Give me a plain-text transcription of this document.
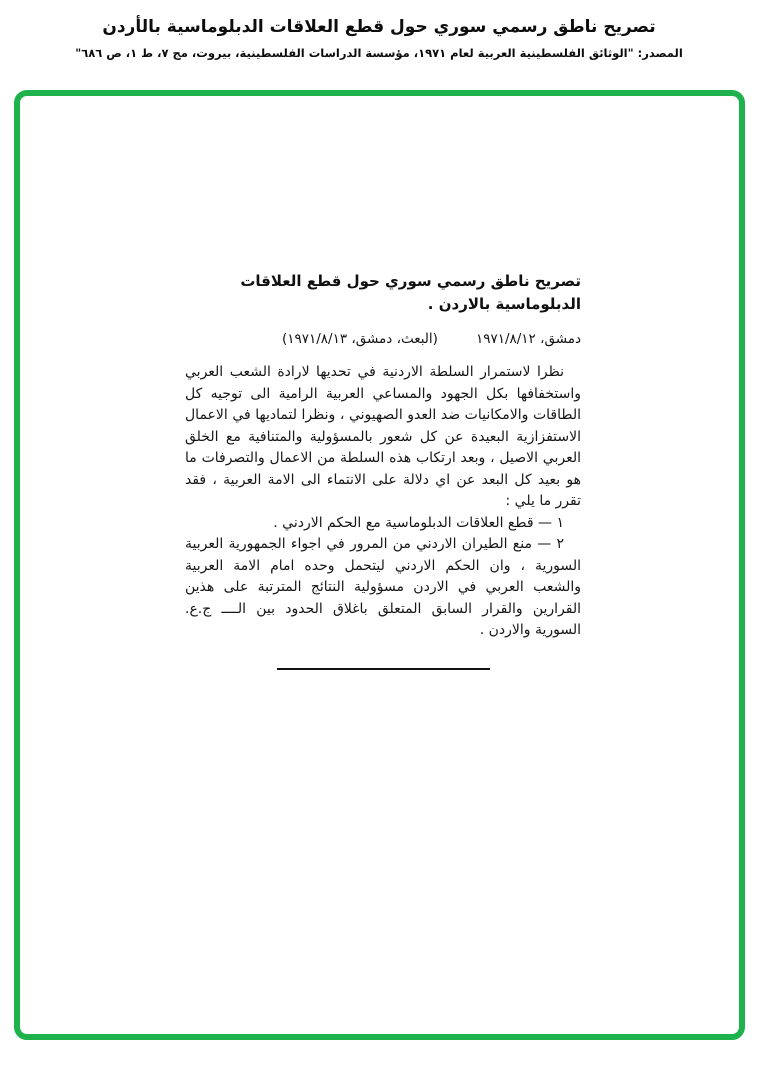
تصريح ناطق رسمي سوري حول قطع العلاقات الدبلوماسية بالأردن
المصدر: "الوثائق الفلسطينية العربية لعام ١٩٧١، مؤسسة الدراسات الفلسطينية، بيروت، مج ٧، ط ١، ص ٦٨٦"
تصريح ناطق رسمي سوري حول قطع العلاقات الدبلوماسية بالاردن .
دمشق، ١٩٧١/٨/١٢
(البعث، دمشق، ١٩٧١/٨/١٣)

نظرا لاستمرار السلطة الاردنية في تحديها لارادة الشعب العربي واستخفافها بكل الجهود والمساعي العربية الرامية الى توجيه كل الطاقات والامكانيات ضد العدو الصهيوني ، ونظرا لتماديها في الاعمال الاستفزازية البعيدة عن كل شعور بالمسؤولية والمتنافية مع الخلق العربي الاصيل ، وبعد ارتكاب هذه السلطة من الاعمال والتصرفات ما هو بعيد كل البعد عن اي دلالة على الانتماء الى الامة العربية ، فقد تقرر ما يلي :

١ — قطع العلاقات الدبلوماسية مع الحكم الاردني .

٢ — منع الطيران الاردني من المرور في اجواء الجمهورية العربية السورية ، وان الحكم الاردني ليتحمل وحده امام الامة العربية والشعب العربي في الاردن مسؤولية النتائج المترتبة على هذين القرارين والقرار السابق المتعلق باغلاق الحدود بين الــــ ج.ع. السورية والاردن .
